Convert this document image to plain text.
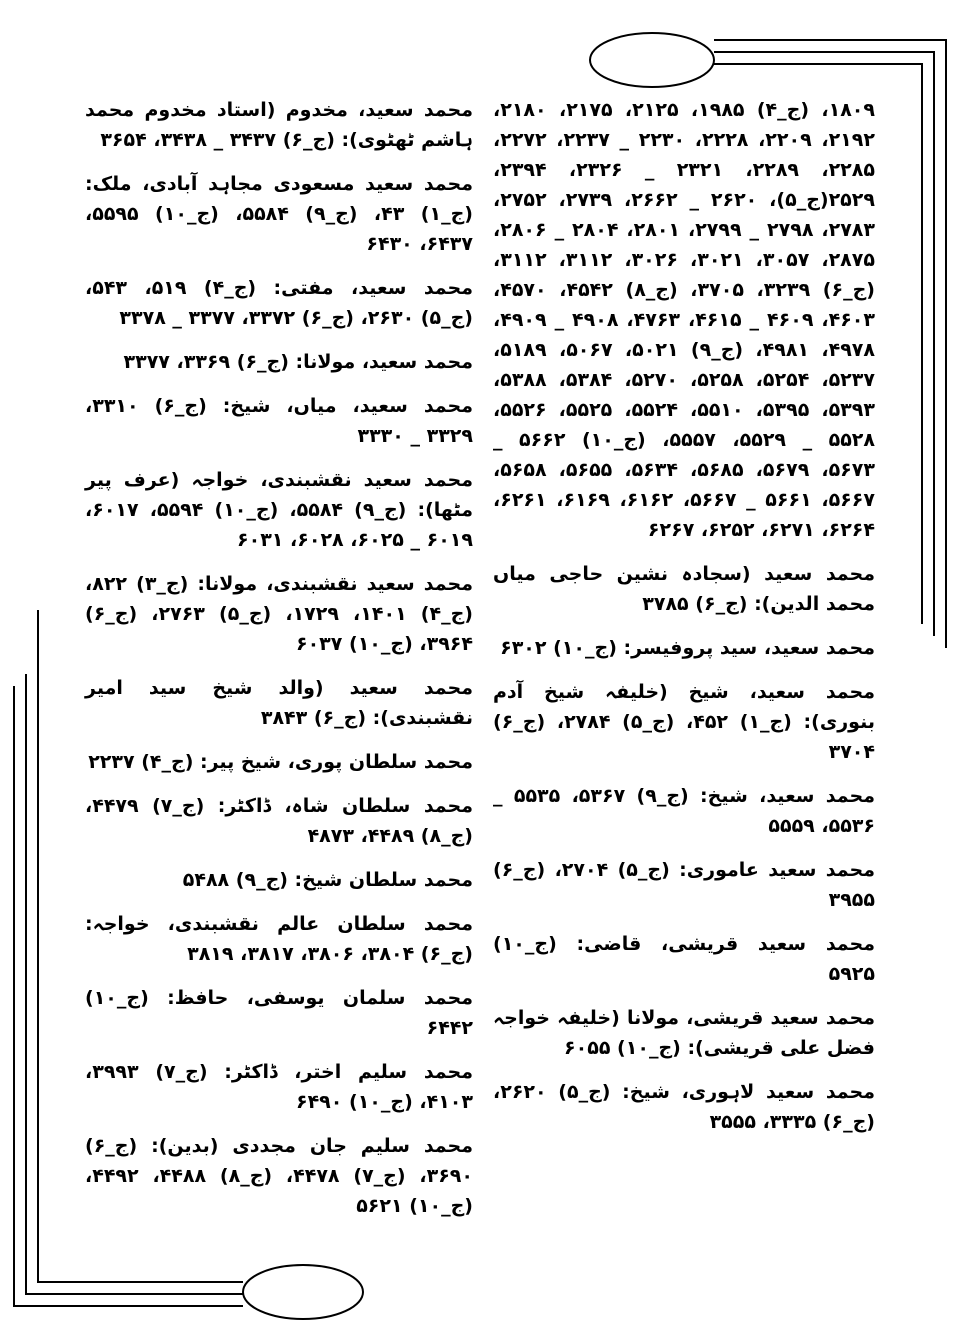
۱۸۰۹، (ج_۴) ۱۹۸۵، ۲۱۲۵، ۲۱۷۵، ۲۱۸۰، ۲۱۹۲، ۲۲۰۹، ۲۲۲۸، ۲۲۳۰ _ ۲۲۳۷، ۲۲۷۲، ۲۲۸۵، ۲۲۸۹، ۲۳۲۱ _ ۲۳۲۶، ۲۳۹۴، ۲۵۲۹(ج_۵)، ۲۶۲۰ _ ۲۶۶۲، ۲۷۳۹، ۲۷۵۲، ۲۷۸۳، ۲۷۹۸ _ ۲۷۹۹، ۲۸۰۱، ۲۸۰۴ _ ۲۸۰۶، ۲۸۷۵، ۳۰۵۷، ۳۰۲۱، ۳۰۲۶، ۳۱۱۲، ۳۱۱۲، (ج_۶) ۳۲۳۹، ۳۷۰۵، (ج_۸) ۴۵۴۲، ۴۵۷۰، ۴۶۰۳، ۴۶۰۹ _ ۴۶۱۵، ۴۷۶۳، ۴۹۰۸ _ ۴۹۰۹، ۴۹۷۸، ۴۹۸۱، (ج_۹) ۵۰۲۱، ۵۰۶۷، ۵۱۸۹، ۵۲۳۷، ۵۲۵۴، ۵۲۵۸، ۵۲۷۰، ۵۳۸۴، ۵۳۸۸، ۵۳۹۳، ۵۳۹۵، ۵۵۱۰، ۵۵۲۴، ۵۵۲۵، ۵۵۲۶، ۵۵۲۸ _ ۵۵۲۹، ۵۵۵۷، (ج_۱۰) ۵۶۶۲ _ ۵۶۷۳، ۵۶۷۹، ۵۶۸۵، ۵۶۳۴، ۵۶۵۵، ۵۶۵۸، ۵۶۶۷، ۵۶۶۱ _ ۵۶۶۷، ۶۱۶۲، ۶۱۶۹، ۶۲۶۱، ۶۲۶۴، ۶۲۷۱، ۶۲۵۲، ۶۲۶۷

محمد سعید (سجادہ نشین حاجی میاں محمد الدین): (ج_۶) ۳۷۸۵

محمد سعید، سید پروفیسر: (ج_۱۰) ۶۳۰۲

محمد سعید، شیخ (خلیفہ شیخ آدم بنوری): (ج_۱) ۴۵۲، (ج_۵) ۲۷۸۴، (ج_۶) ۳۷۰۴

محمد سعید، شیخ: (ج_۹) ۵۳۶۷، ۵۵۳۵ _ ۵۵۳۶، ۵۵۵۹

محمد سعید عاموری: (ج_۵) ۲۷۰۴، (ج_۶) ۳۹۵۵

محمد سعید قریشی، قاضی: (ج_۱۰) ۵۹۲۵

محمد سعید قریشی، مولانا (خلیفہ خواجہ فضل علی قریشی): (ج_۱۰) ۶۰۵۵

محمد سعید لاہوری، شیخ: (ج_۵) ۲۶۲۰، (ج_۶) ۳۳۳۵، ۳۵۵۵

محمد سعید، مخدوم (استاد مخدوم محمد ہاشم ٹھٹوی): (ج_۶) ۳۴۳۷ _ ۳۴۳۸، ۳۶۵۴

محمد سعید مسعودی مجاہد آبادی، ملک: (ج_۱) ۴۳، (ج_۹) ۵۵۸۴، (ج_۱۰) ۵۵۹۵، ۶۴۳۷، ۶۴۳۰

محمد سعید، مفتی: (ج_۴) ۵۱۹، ۵۴۳، (ج_۵) ۲۶۳۰، (ج_۶) ۳۳۷۲، ۳۳۷۷ _ ۳۳۷۸

محمد سعید، مولانا: (ج_۶) ۳۳۶۹، ۳۳۷۷

محمد سعید، میاں، شیخ: (ج_۶) ۳۳۱۰، ۳۳۲۹ _ ۳۳۳۰

محمد سعید نقشبندی، خواجہ (عرف پیر مٹھا): (ج_۹) ۵۵۸۴، (ج_۱۰) ۵۵۹۴، ۶۰۱۷، ۶۰۱۹ _ ۶۰۲۵، ۶۰۲۸، ۶۰۳۱

محمد سعید نقشبندی، مولانا: (ج_۳) ۸۲۲، (ج_۴) ۱۴۰۱، ۱۷۲۹، (ج_۵) ۲۷۶۳، (ج_۶) ۳۹۶۴، (ج_۱۰) ۶۰۳۷

محمد سعید (والد شیخ سید امیر نقشبندی): (ج_۶) ۳۸۴۳

محمد سلطان پوری، شیخ پیر: (ج_۴) ۲۲۳۷

محمد سلطان شاہ، ڈاکٹر: (ج_۷) ۴۴۷۹، (ج_۸) ۴۴۸۹، ۴۸۷۳

محمد سلطان شیخ: (ج_۹) ۵۴۸۸

محمد سلطان عالم نقشبندی، خواجہ: (ج_۶) ۳۸۰۴، ۳۸۰۶، ۳۸۱۷، ۳۸۱۹

محمد سلمان یوسفی، حافظ: (ج_۱۰) ۶۴۴۲

محمد سلیم اختر، ڈاکٹر: (ج_۷) ۳۹۹۳، ۴۱۰۳، (ج_۱۰) ۶۴۹۰

محمد سلیم جان مجددی (بدین): (ج_۶) ۳۶۹۰، (ج_۷) ۴۴۷۸، (ج_۸) ۴۴۸۸، ۴۴۹۲، (ج_۱۰) ۵۶۲۱
